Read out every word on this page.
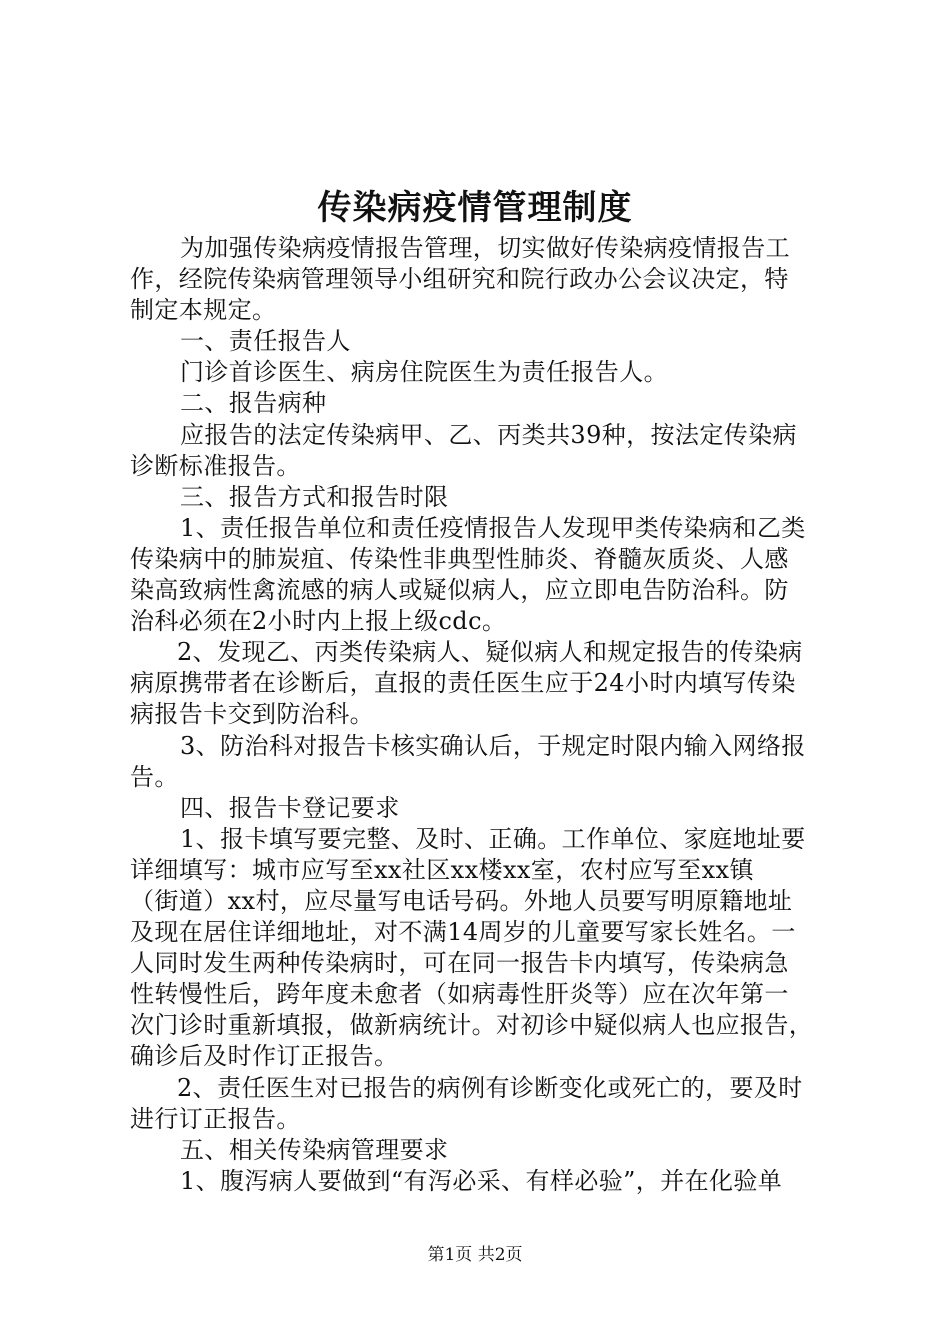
传染病疫情管理制度
为加强传染病疫情报告管理，切实做好传染病疫情报告工
作，经院传染病管理领导小组研究和院行政办公会议决定，特
制定本规定。
一、责任报告人
门诊首诊医生、病房住院医生为责任报告人。
二、报告病种
应报告的法定传染病甲、乙、丙类共39种，按法定传染病
诊断标准报告。
三、报告方式和报告时限
1、责任报告单位和责任疫情报告人发现甲类传染病和乙类
传染病中的肺炭疽、传染性非典型性肺炎、脊髓灰质炎、人感
染高致病性禽流感的病人或疑似病人，应立即电告防治科。防
治科必须在2小时内上报上级cdc。
2、发现乙、丙类传染病人、疑似病人和规定报告的传染病
病原携带者在诊断后，直报的责任医生应于24小时内填写传染
病报告卡交到防治科。
3、防治科对报告卡核实确认后，于规定时限内输入网络报
告。
四、报告卡登记要求
1、报卡填写要完整、及时、正确。工作单位、家庭地址要
详细填写：城市应写至xx社区xx楼xx室，农村应写至xx镇
（街道）xx村，应尽量写电话号码。外地人员要写明原籍地址
及现在居住详细地址，对不满14周岁的儿童要写家长姓名。一
人同时发生两种传染病时，可在同一报告卡内填写，传染病急
性转慢性后，跨年度未愈者（如病毒性肝炎等）应在次年第一
次门诊时重新填报，做新病统计。对初诊中疑似病人也应报告，
确诊后及时作订正报告。
2、责任医生对已报告的病例有诊断变化或死亡的，要及时
进行订正报告。
五、相关传染病管理要求
1、腹泻病人要做到“有泻必采、有样必验”，并在化验单
第1页 共2页
